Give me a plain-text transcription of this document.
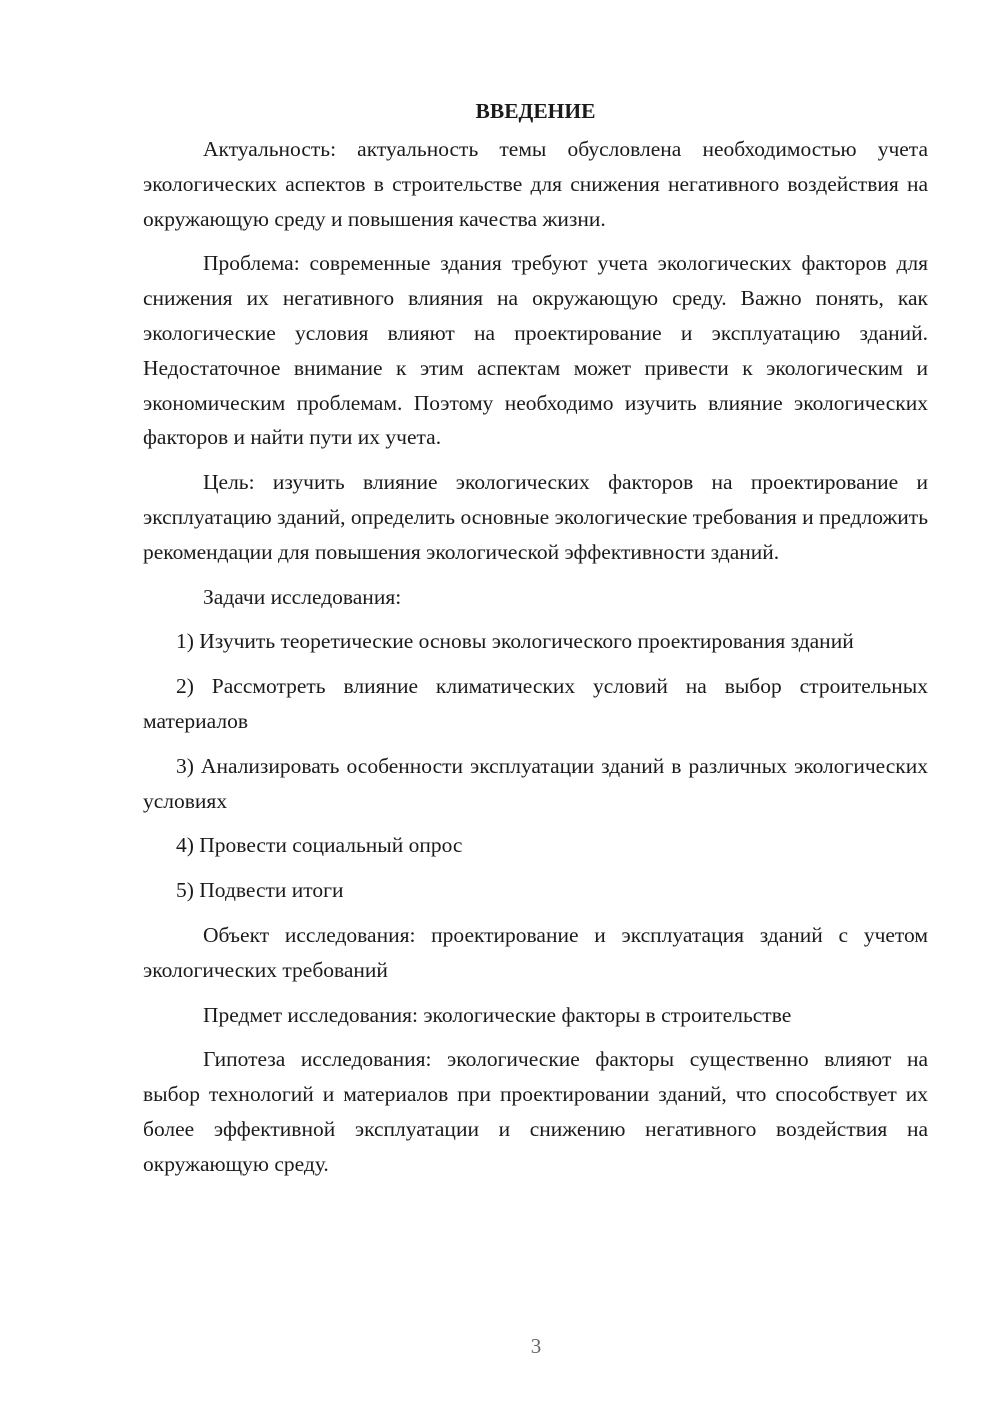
ВВЕДЕНИЕ

Актуальность: актуальность темы обусловлена необходимостью учета экологических аспектов в строительстве для снижения негативного воздействия на окружающую среду и повышения качества жизни.

Проблема: современные здания требуют учета экологических факторов для снижения их негативного влияния на окружающую среду. Важно понять, как экологические условия влияют на проектирование и эксплуатацию зданий. Недостаточное внимание к этим аспектам может привести к экологическим и экономическим проблемам. Поэтому необходимо изучить влияние экологических факторов и найти пути их учета.

Цель: изучить влияние экологических факторов на проектирование и эксплуатацию зданий, определить основные экологические требования и предложить рекомендации для повышения экологической эффективности зданий.

Задачи исследования:

1) Изучить теоретические основы экологического проектирования зданий

2) Рассмотреть влияние климатических условий на выбор строительных материалов

3) Анализировать особенности эксплуатации зданий в различных экологических условиях

4) Провести социальный опрос

5) Подвести итоги

Объект исследования: проектирование и эксплуатация зданий с учетом экологических требований

Предмет исследования: экологические факторы в строительстве

Гипотеза исследования: экологические факторы существенно влияют на выбор технологий и материалов при проектировании зданий, что способствует их более эффективной эксплуатации и снижению негативного воздействия на окружающую среду.

3
